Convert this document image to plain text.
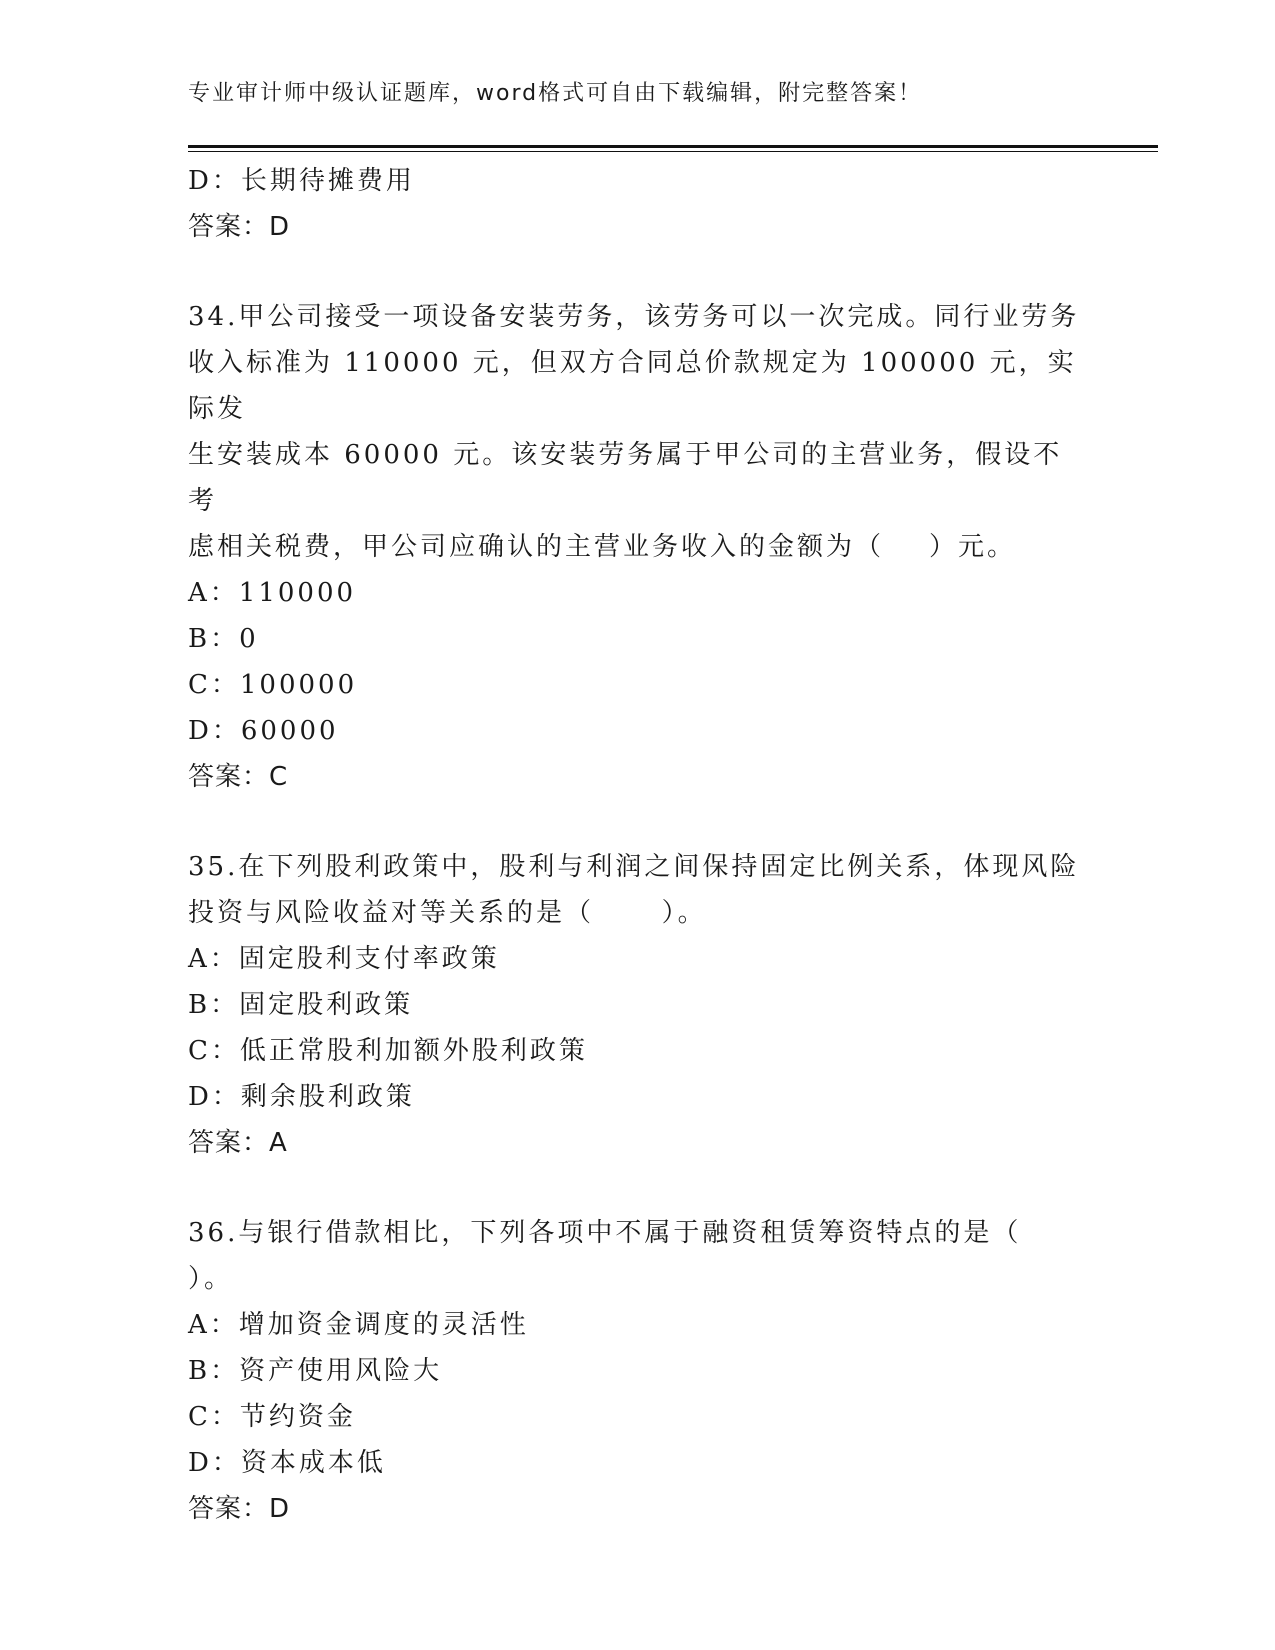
专业审计师中级认证题库，word格式可自由下载编辑，附完整答案！
D：长期待摊费用
答案：D
34.甲公司接受一项设备安装劳务，该劳务可以一次完成。同行业劳务
收入标准为 110000 元，但双方合同总价款规定为 100000 元，实际发
生安装成本 60000 元。该安装劳务属于甲公司的主营业务，假设不考
虑相关税费，甲公司应确认的主营业务收入的金额为（    ）元。
A：110000
B：0
C：100000
D：60000
答案：C
35.在下列股利政策中，股利与利润之间保持固定比例关系，体现风险
投资与风险收益对等关系的是（      ）。
A：固定股利支付率政策
B：固定股利政策
C：低正常股利加额外股利政策
D：剩余股利政策
答案：A
36.与银行借款相比，下列各项中不属于融资租赁筹资特点的是（
）。
A：增加资金调度的灵活性
B：资产使用风险大
C：节约资金
D：资本成本低
答案：D
